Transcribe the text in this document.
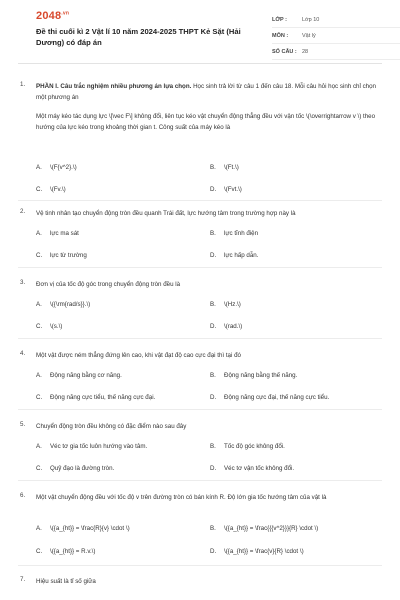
$2048^{.vn}$
Đề thi cuối kì 2 Vật lí 10 năm 2024-2025 THPT Kẻ Sặt (Hải Dương) có đáp án
LỚP :	Lớp 10
MÔN :	Vật lý
SỐ CÂU : 28
1. PHẦN I. Câu trắc nghiệm nhiều phương án lựa chọn. Học sinh trả lời từ câu 1 đến câu 18. Mỗi câu hỏi học sinh chỉ chọn một phương án
Một máy kéo tác dụng lực \[\vec F\] không đổi, liên tục kéo vật chuyển động thẳng đều với vận tốc \(\overrightarrow v \) theo hướng của lực kéo trong khoảng thời gian t. Công suất của máy kéo là
A. \(F{v^2}.\)	B. \(Ft.\)
C. \(Fv.\)	D. \(Fvt.\)
2. Vệ tinh nhân tạo chuyển động tròn đều quanh Trái đất, lực hướng tâm trong trường hợp này là
A. lực ma sát	B. lực tĩnh điện
C. lực từ trường	D. lực hấp dẫn.
3. Đơn vị của tốc độ góc trong chuyển động tròn đều là
A. \({\rm{rad/s}}.\)	B. \(Hz.\)
C. \(s.\)	D. \(rad.\)
4. Một vật được ném thẳng đứng lên cao, khi vật đạt độ cao cực đại thì tại đó
A. Động năng bằng cơ năng.	B. Động năng bằng thế năng.
C. Động năng cực tiểu, thế năng cực đại.	D. Động năng cực đại, thế năng cực tiểu.
5. Chuyển động tròn đều không có đặc điểm nào sau đây
A. Véc tơ gia tốc luôn hướng vào tâm.	B. Tốc độ góc không đổi.
C. Quỹ đạo là đường tròn.	D. Véc tơ vận tốc không đổi.
6. Một vật chuyển động đều với tốc độ v trên đường tròn có bán kính R. Độ lớn gia tốc hướng tâm của vật là
A. \({a_{ht}} = \frac{R}{v} \cdot \)	B. \({a_{ht}} = \frac{{{v^2}}}{R} \cdot \)
C. \({a_{ht}} = R.v.\)	D. \({a_{ht}} = \frac{v}{R} \cdot \)
7. Hiệu suất là tỉ số giữa
